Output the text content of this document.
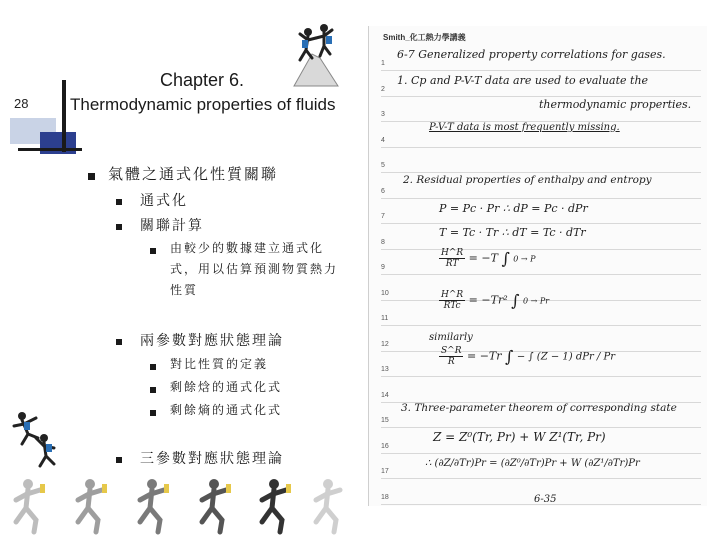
28
Chapter 6.
Thermodynamic properties of fluids
氣體之通式化性質關聯
通式化
關聯計算
由較少的數據建立通式化式，用以估算預測物質熱力性質
兩參數對應狀態理論
對比性質的定義
剩餘焓的通式化式
剩餘熵的通式化式
三參數對應狀態理論
Smith_化工熱力學講義
1
2
3
4
5
6
7
8
9
10
11
12
13
14
15
16
17
18
6-7 Generalized property correlations for gases.
1. Cp and P-V-T data are used to evaluate the
thermodynamic properties.
P-V-T data is most frequently missing.
2. Residual properties of enthalpy and entropy
P = Pc · Pr ∴ dP = Pc · dPr
T = Tc · Tr ∴ dT = Tc · dTr
$\frac{H\^{}R}{RT} = -T$ ∫ 0 → P
$\frac{H\^{}R}{\text{RTc}} = -Tr^2$ ∫ 0 → Pr
similarly
$\frac{S\^{}R}{R} = -Tr$ ∫ − ∫ (Z − 1) dPr / Pr
3. Three-parameter theorem of corresponding state
Z = Z⁰(Tr, Pr) + W Z¹(Tr, Pr)
∴ (∂Z/∂Tr)Pr = (∂Z⁰/∂Tr)Pr + W (∂Z¹/∂Tr)Pr
6-35
